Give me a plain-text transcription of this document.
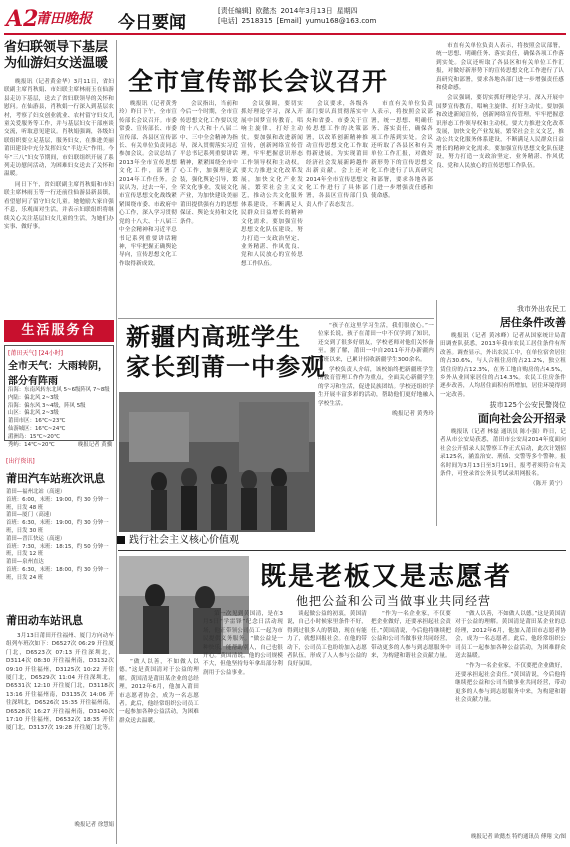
A2
莆田晚报 今日要闻
[责任编辑] 欧懿杰 2014年3月13日 星期四
[电话] 2518315 [Email] yumu168@163.com
省妇联领导下基层
为仙游妇女送温暖

晚报讯（记者黄金华）3月11日，省妇联副主席肖秋娟、市妇联主席林雨玉在仙游县走访下基层，送去了省妇联领导的关怀和慰问。在仙游县，肖秋娟一行深入到基层农村，考察了妇女创业就业、农村留守妇女儿童关爱服务等工作，并与基层妇女干部座谈交流，听取意见建议。肖秋娟强调，各级妇联组织要立足基层，服务妇女，在推进美丽莆田建设中充分发挥妇女“半边天”作用。今年“三八”妇女节期间，市妇联组织开展了系列走访慰问活动，为困难妇女送去了关怀和温暖。

同日下午，省妇联副主席肖秋娟和市妇联主席林雨玉等一行还前往仙游县新县镇，看望慰问了留守妇女儿童。她勉励大家自强不息，乐观面对生活，并表示妇联组织将继续关心关注基层妇女儿童的生活，为她们办实事、做好事。

全市宣传部长会议召开

晚报讯（记者黄秀玲）昨日下午，全市宣传部长会议召开。市委常委、宣传部长、市委宣传部、各县区宣传部长、有关单位负责同志参加会议。会议总结了2013年全市宣传思想文化工作，部署了2014年工作任务。会议认为，过去一年，全市宣传思想文化战线紧紧围绕市委、市政府中心工作，深入学习贯彻党的十八大、十八届三中全会精神和习近平总书记系列重要讲话精神，牢牢把握正确舆论导向，宣传思想文化工作取得新成效。

会议指出，当前和今后一个时期，全市宣传思想文化工作要以党的十八大和十八届二中、三中全会精神为指导，深入贯彻落实习近平总书记系列重要讲话精神，紧紧围绕全市中心工作，加强理论武装，强化舆论引导，繁荣文化事业，发展文化产业，为加快建设美丽莆田提供强有力的思想保证、舆论支持和文化条件。

会议强调，要切实抓好理论学习，深入开展中国梦宣传教育，唱响主旋律、打好主动仗。要加强和改进新闻宣传，创新网络宣传管理，牢牢把握意识形态工作领导权和主动权。要大力推进文化改革发展，加快文化产业发展，繁荣社会主义文艺，推动公共文化服务体系建设，不断满足人民群众日益增长的精神文化需求。要加强宣传思想文化队伍建设，努力打造一支政治坚定、业务精湛、作风优良、党和人民放心的宣传思想工作队伍。

会议要求，各级各部门要认真贯彻落实中央和省委、市委关于宣传思想工作的决策部署，以改革创新精神推动宣传思想文化工作取得新进展，为实现莆田经济社会发展新跨越作出新贡献。会上还对2014年全市宣传思想文化工作进行了具体部署，各县区宣传部门负责人作了表态发言。

市直有关单位负责人表示，将按照会议部署，统一思想、明确任务、落实责任，确保各项工作落到实处。会议还听取了各县区和有关单位工作汇报，对做好新形势下的宣传思想文化工作进行了认真研究和部署，要求各地各部门进一步增强责任感和使命感。

市直有关单位负责人表示，将按照会议部署，统一思想、明确任务、落实责任，确保各项工作落到实处。会议还听取了各县区和有关单位工作汇报，对做好新形势下的宣传思想文化工作进行了认真研究和部署，要求各地各部门进一步增强责任感和使命感。

会议强调，要切实抓好理论学习，深入开展中国梦宣传教育，唱响主旋律、打好主动仗。要加强和改进新闻宣传，创新网络宣传管理，牢牢把握意识形态工作领导权和主动权。要大力推进文化改革发展，加快文化产业发展，繁荣社会主义文艺，推动公共文化服务体系建设，不断满足人民群众日益增长的精神文化需求。要加强宣传思想文化队伍建设，努力打造一支政治坚定、业务精湛、作风优良、党和人民放心的宣传思想工作队伍。

生活服务台
[莆田天气] [24小时]
全市天气：大雨转阴，部分有阵雨
沿海：东南风转东北风 5~6级阵风 7~8级
内陆：偏北风 2~3级
沿海：偏东风 3~4级，阵风 5级
山区：偏北风 2~3级
莆田市区：16℃~23℃
仙游城区：16℃~24℃
湄洲岛：15℃~20℃
秀屿：14℃~20℃	晚报记者 黄骥
[出行资讯]
莆田汽车站班次讯息
莆田—福州北站（高速）
首班：6:00，末班：19:00，约 30 分钟一班，日发 48 班
莆田—厦门（高速）
首班：6:30，末班：19:00，约 30 分钟一班，日发 30 班
莆田—晋江快运（高速）
首班：7:30，末班：18:15，约 50 分钟一班，日发 12 班
莆田—泉州直达
首班：6:30，末班：18:00，约 30 分钟一班，日发 24 班
莆田动车站讯息

3月13日莆田开往福州、厦门方向动车组列车班次如下：D6527次 06:29 开往厦门北，D6523次 07:13 开往深圳北，D3114次 08:30 开往福州南，D3132次 09:10 开往福州，D3125次 10:22 开往厦门北，D6529次 11:04 开往深圳北，D6531次 12:10 开往厦门北，D3118次 13:16 开往福州南，D3135次 14:06 开往深圳北，D6526次 15:35 开往福州南，D6528次 16:27 开往福州南，D3140次 17:10 开往福州，D6532次 18:35 开往厦门北，D3137次 19:28 开往厦门北等。

晚报记者 徐慧娟
新疆内高班学生
家长到莆一中参观

“孩子在这里学习生活，我们很放心。”一位家长说，孩子在莆田一中不仅学到了知识，还交到了很多好朋友，学校老师对他们关怀备至。据了解，莆田一中自2011年开办新疆内高班以来，已累计招收新疆学生300余名。

学校负责人介绍，该校始终把新疆班学生的教育管理工作作为重点，全面关心新疆学生的学习和生活，促进民族团结。学校还组织学生开展丰富多彩的活动，帮助他们更好地融入学校生活。

晚报记者 黄秀玲
我市外出农民工
居住条件改善

晚报讯（记者 黄冰峰）记者从国家统计局莆田调查队获悉，2013年我市农民工居住条件有所改善。调查显示，外出农民工中，在单位宿舍居住的占30.6%，与人合租住房的占21.2%，独立租赁住房的占12.3%，在务工地自购房的占4.5%，乡外从业回家居住的占14.3%。农民工住房条件逐步改善，人均居住面积有所增加，居住环境得到一定改善。

拔市125个公安民警岗位
面向社会公开招录

晚报讯（记者 林磊 通讯员 陈小强）昨日，记者从市公安局获悉，莆田市公安局2014年度面向社会公开招录人民警察工作正式启动，此次计划招录125名，涵盖治安、刑侦、交警等多个警种。报名时间为3月13日至3月19日，报考者须符合有关条件，可登录省公务员考试录用网报名。

（陈开 黄宁）
践行社会主义核心价值观
既是老板又是志愿者
他把公益和公司当做事业共同经营

“做人以善，不如做人以德。”这是黄国清对于公益的理解。黄国清是莆田某企业的总经理，2012年6月，他加入莆田市志愿者协会，成为一名志愿者。此后，他经常组织公司员工一起参加各种公益活动，为困难群众送去温暖。

第一次见到黄国清，是在3月5日“学雷锋”纪念日活动现场，他正带领公司员工一起为市民提供义务服务。“做公益是一种快乐，能帮助别人，自己也很开心。”黄国清说，他的公司规模不大，但他坚持每年拿出部分利润用于公益事业。

谈起做公益的初衷，黄国清说，自己小时候家里条件不好，得到过很多人的帮助，现在有能力了，就想回报社会。在他的带动下，公司员工也纷纷加入志愿者队伍，形成了人人参与公益的良好氛围。

“作为一名企业家，不仅要把企业做好，还要承担起社会责任。”黄国清说，今后他将继续把公益和公司当做事业共同经营，带动更多的人参与到志愿服务中来，为构建和谐社会贡献力量。

“做人以善，不如做人以德。”这是黄国清对于公益的理解。黄国清是莆田某企业的总经理，2012年6月，他加入莆田市志愿者协会，成为一名志愿者。此后，他经常组织公司员工一起参加各种公益活动，为困难群众送去温暖。

“作为一名企业家，不仅要把企业做好，还要承担起社会责任。”黄国清说，今后他将继续把公益和公司当做事业共同经营，带动更多的人参与到志愿服务中来，为构建和谐社会贡献力量。

晚报记者 欧懿杰 特约通讯员 傅翔 文/图
